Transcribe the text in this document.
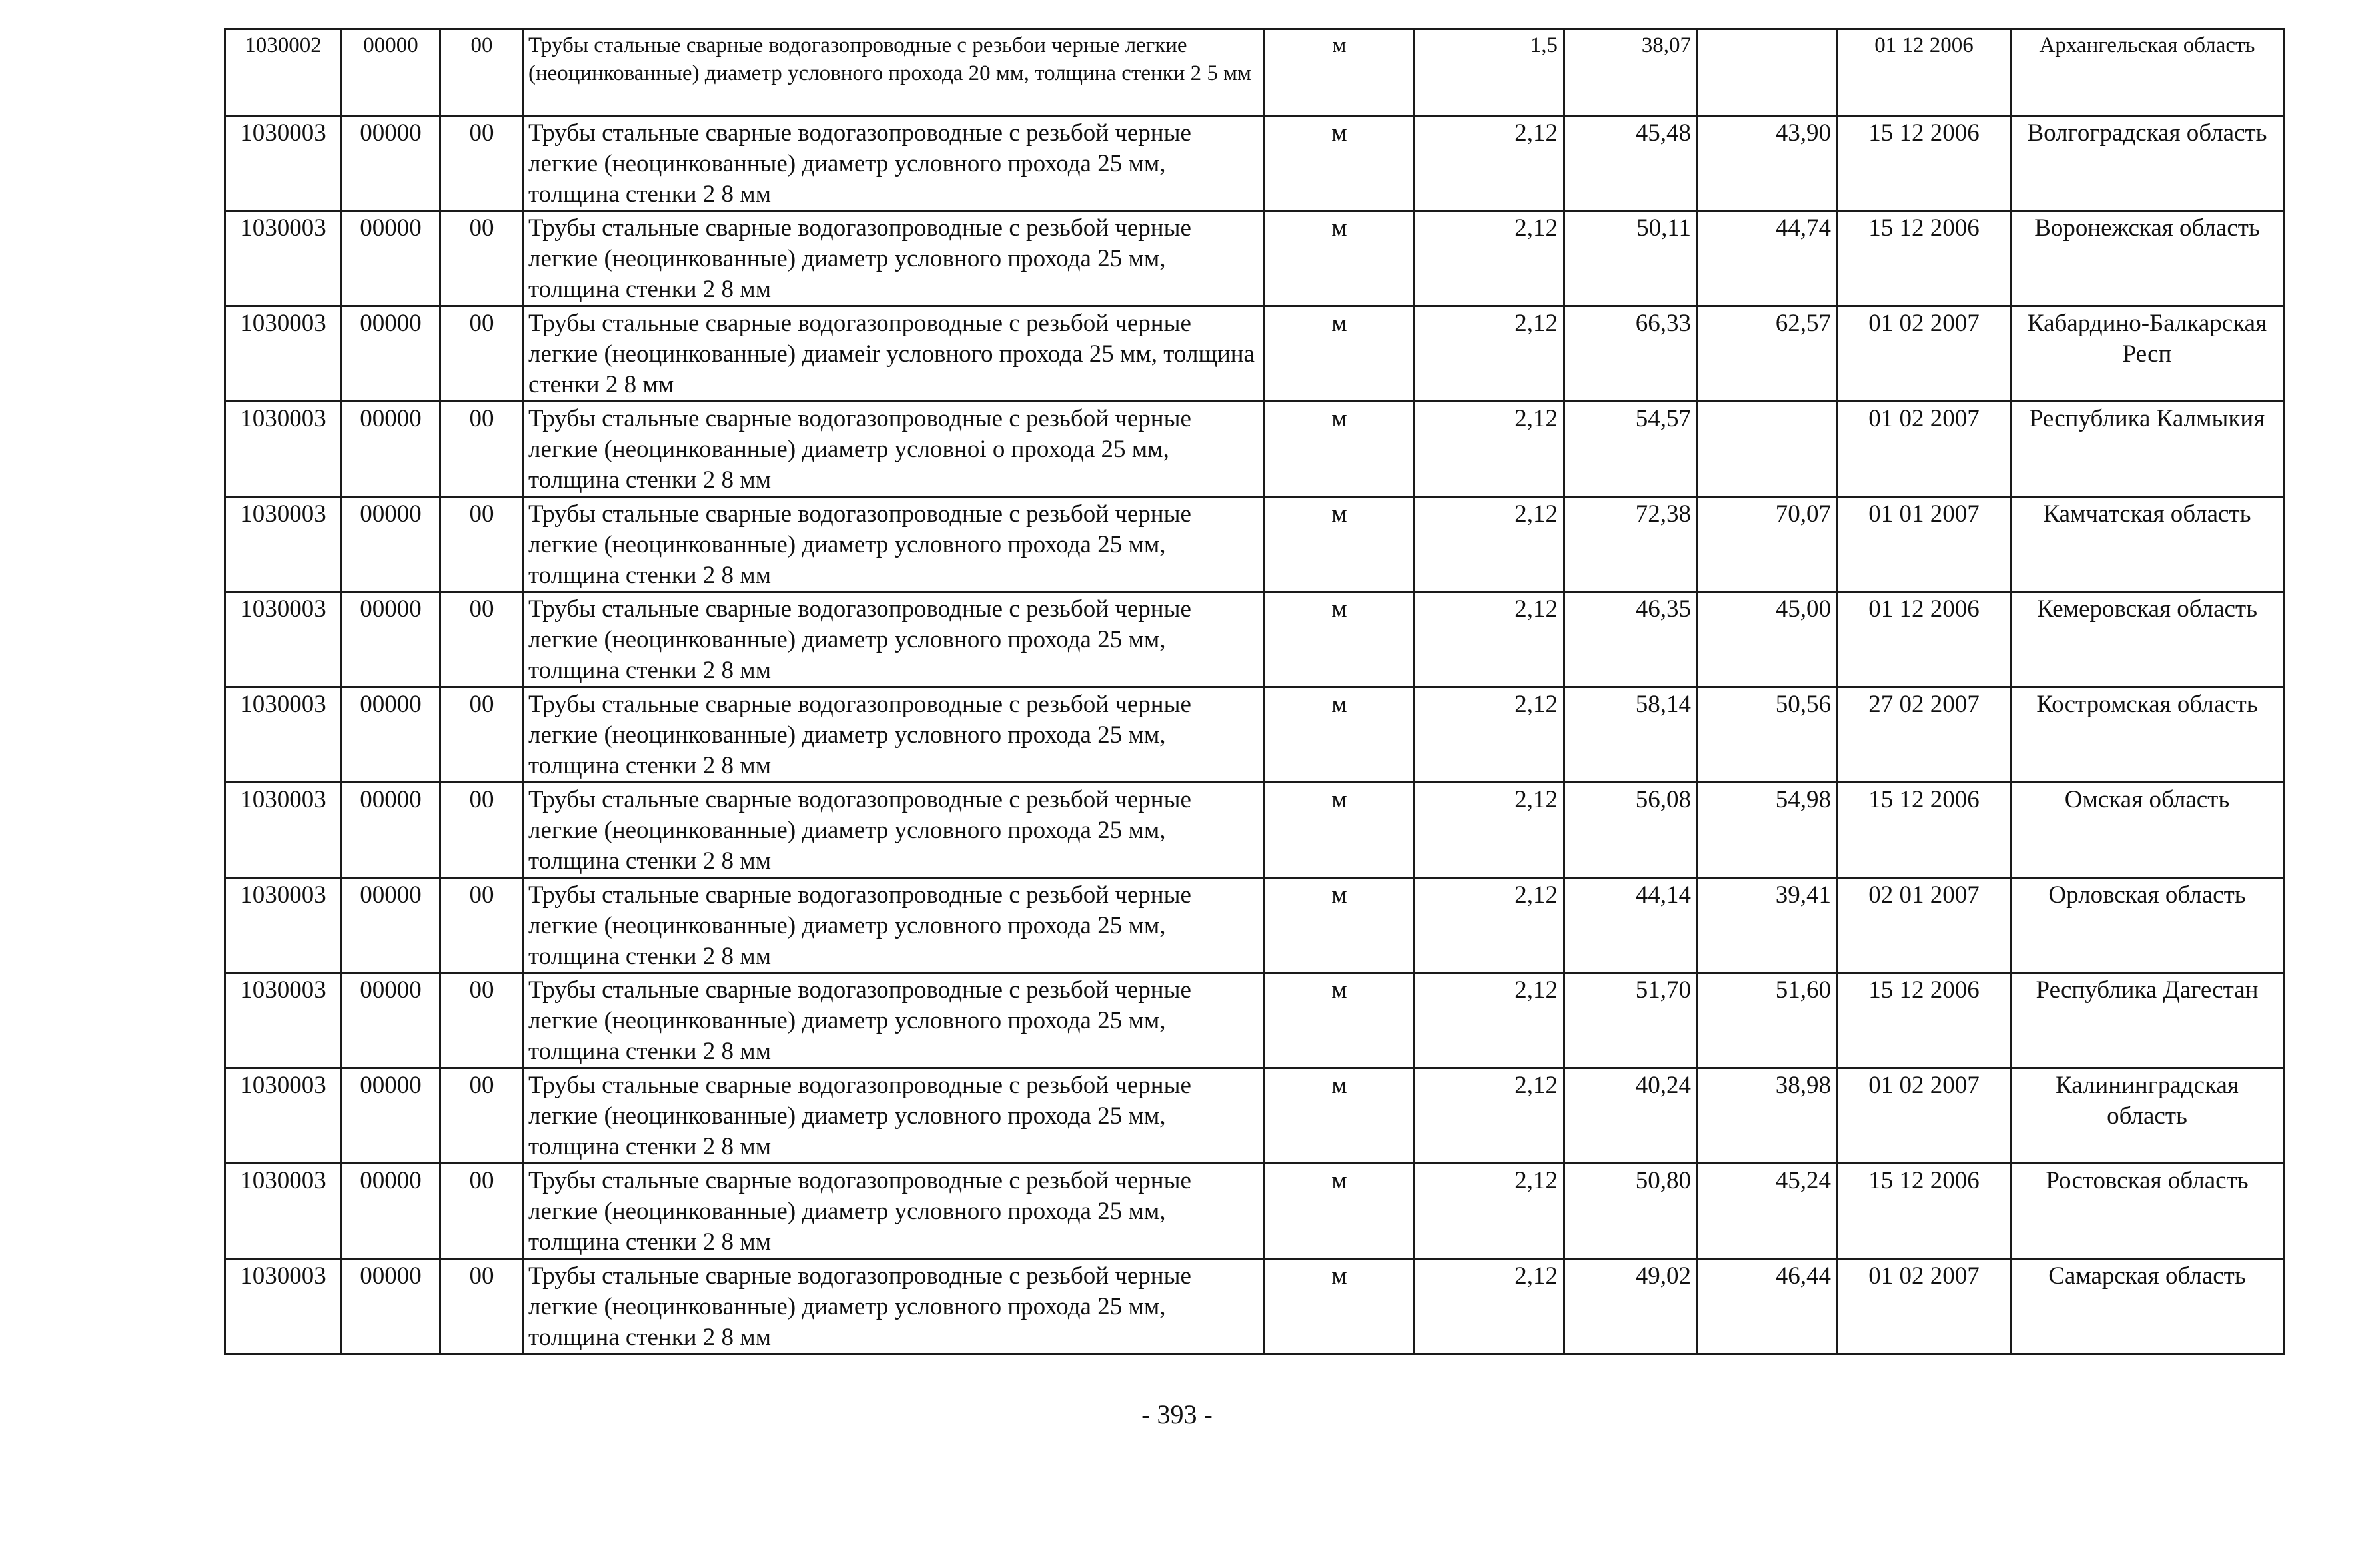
1030002	00000	00	Трубы стальные сварные водогазопроводные с резьбои черные легкие (неоцинкованные) диаметр условного прохода 20 мм, толщина стенки 2 5 мм	м	1,5	38,07		01 12 2006	Архангельская область
1030003	00000	00	Трубы стальные сварные водогазопроводные с резьбой черные легкие (неоцинкованные) диаметр условного прохода 25 мм, толщина стенки 2 8 мм	м	2,12	45,48	43,90	15 12 2006	Волгоградская область
1030003	00000	00	Трубы стальные сварные водогазопроводные с резьбой черные легкие (неоцинкованные) диаметр условного прохода 25 мм, толщина стенки 2 8 мм	м	2,12	50,11	44,74	15 12 2006	Воронежская область
1030003	00000	00	Трубы стальные сварные водогазопроводные с резьбой черные легкие (неоцинкованные) диамеir условного прохода 25 мм, толщина стенки 2 8 мм	м	2,12	66,33	62,57	01 02 2007	Кабардино-Балкарская Респ
1030003	00000	00	Трубы стальные сварные водогазопроводные с резьбой черные легкие (неоцинкованные) диаметр условноi о прохода 25 мм, толщина стенки 2 8 мм	м	2,12	54,57		01 02 2007	Республика Калмыкия
1030003	00000	00	Трубы стальные сварные водогазопроводные с резьбой черные легкие (неоцинкованные) диаметр условного прохода 25 мм, толщина стенки 2 8 мм	м	2,12	72,38	70,07	01 01 2007	Камчатская область
1030003	00000	00	Трубы стальные сварные водогазопроводные с резьбой черные легкие (неоцинкованные) диаметр условного прохода 25 мм, толщина стенки 2 8 мм	м	2,12	46,35	45,00	01 12 2006	Кемеровская область
1030003	00000	00	Трубы стальные сварные водогазопроводные с резьбой черные легкие (неоцинкованные) диаметр условного прохода 25 мм, толщина стенки 2 8 мм	м	2,12	58,14	50,56	27 02 2007	Костромская область
1030003	00000	00	Трубы стальные сварные водогазопроводные с резьбой черные легкие (неоцинкованные) диаметр условного прохода 25 мм, толщина стенки 2 8 мм	м	2,12	56,08	54,98	15 12 2006	Омская область
1030003	00000	00	Трубы стальные сварные водогазопроводные с резьбой черные легкие (неоцинкованные) диаметр условного прохода 25 мм, толщина стенки 2 8 мм	м	2,12	44,14	39,41	02 01 2007	Орловская область
1030003	00000	00	Трубы стальные сварные водогазопроводные с резьбой черные легкие (неоцинкованные) диаметр условного прохода 25 мм, толщина стенки 2 8 мм	м	2,12	51,70	51,60	15 12 2006	Республика Дагестан
1030003	00000	00	Трубы стальные сварные водогазопроводные с резьбой черные легкие (неоцинкованные) диаметр условного прохода 25 мм, толщина стенки 2 8 мм	м	2,12	40,24	38,98	01 02 2007	Калининградская область
1030003	00000	00	Трубы стальные сварные водогазопроводные с резьбой черные легкие (неоцинкованные) диаметр условного прохода 25 мм, толщина стенки 2 8 мм	м	2,12	50,80	45,24	15 12 2006	Ростовская область
1030003	00000	00	Трубы стальные сварные водогазопроводные с резьбой черные легкие (неоцинкованные) диаметр условного прохода 25 мм, толщина стенки 2 8 мм	м	2,12	49,02	46,44	01 02 2007	Самарская область
- 393 -
